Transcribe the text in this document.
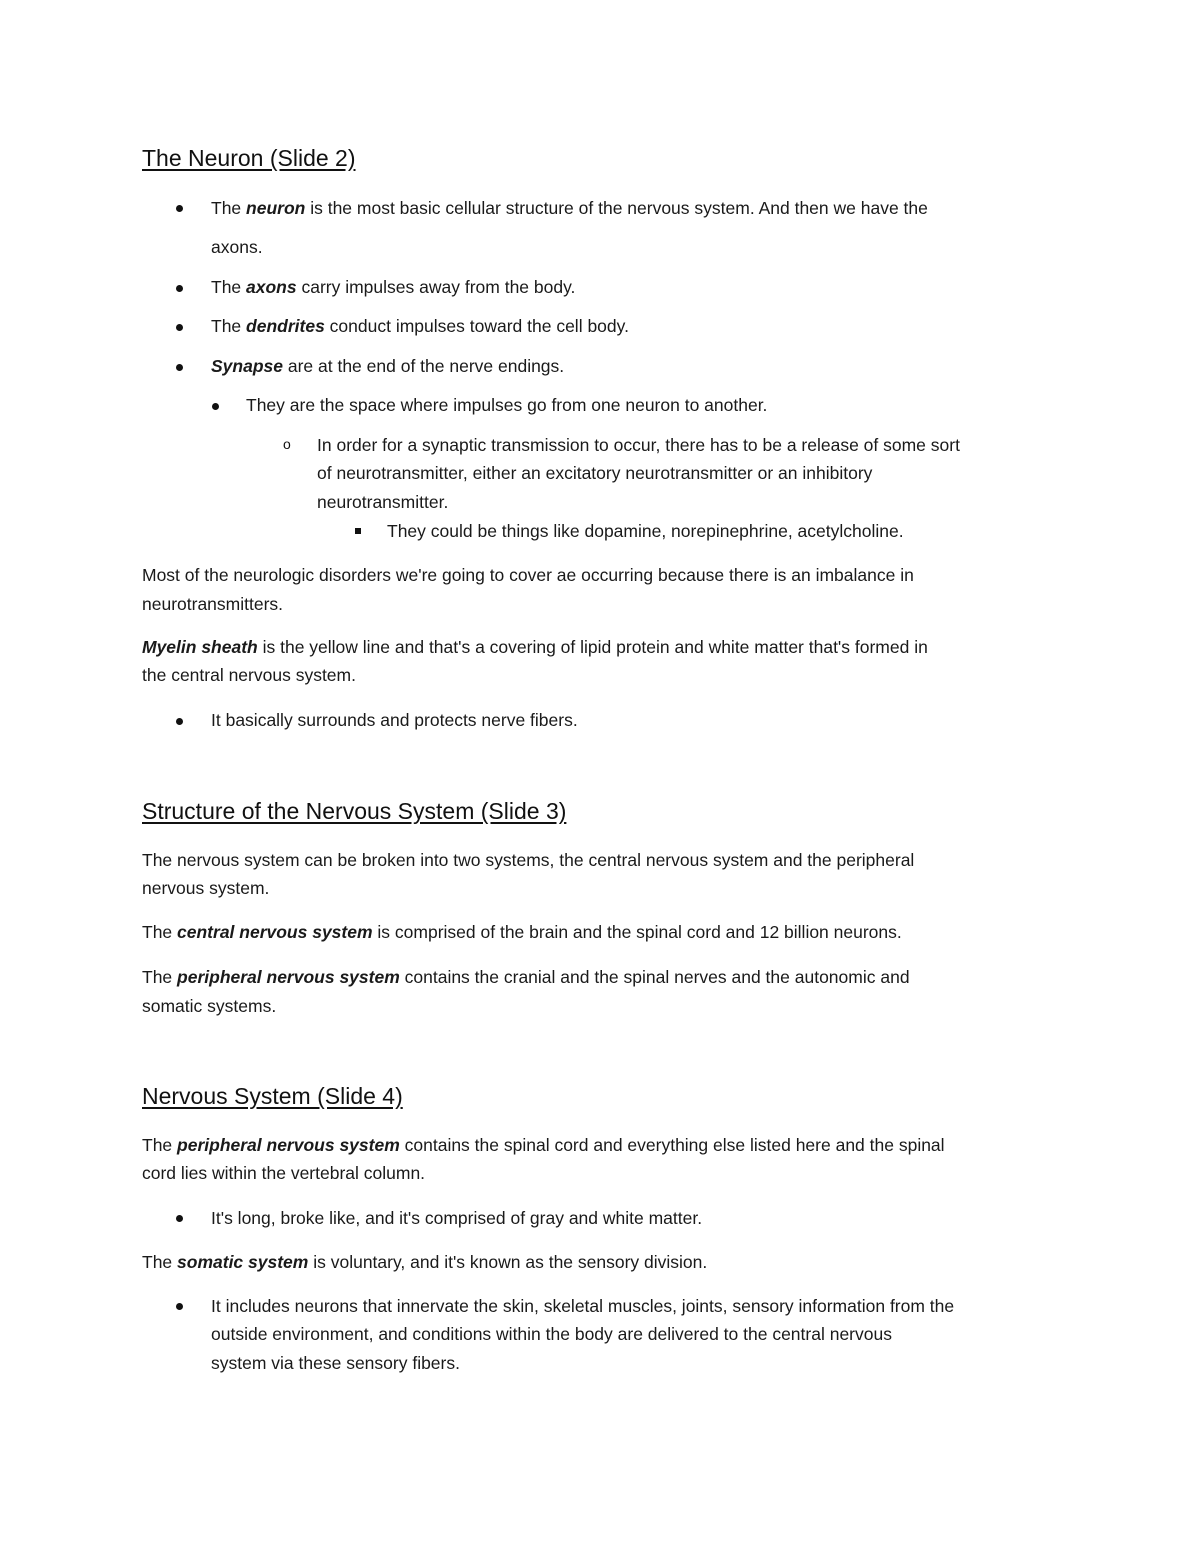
The Neuron (Slide 2)
The neuron is the most basic cellular structure of the nervous system. And then we have the
axons.
The axons carry impulses away from the body.
The dendrites conduct impulses toward the cell body.
Synapse are at the end of the nerve endings.
They are the space where impulses go from one neuron to another.
o In order for a synaptic transmission to occur, there has to be a release of some sort
of neurotransmitter, either an excitatory neurotransmitter or an inhibitory
neurotransmitter.
They could be things like dopamine, norepinephrine, acetylcholine.
Most of the neurologic disorders we're going to cover ae occurring because there is an imbalance in
neurotransmitters.
Myelin sheath is the yellow line and that's a covering of lipid protein and white matter that's formed in
the central nervous system.
It basically surrounds and protects nerve fibers.
Structure of the Nervous System (Slide 3)
The nervous system can be broken into two systems, the central nervous system and the peripheral
nervous system.
The central nervous system is comprised of the brain and the spinal cord and 12 billion neurons.
The peripheral nervous system contains the cranial and the spinal nerves and the autonomic and
somatic systems.
Nervous System (Slide 4)
The peripheral nervous system contains the spinal cord and everything else listed here and the spinal
cord lies within the vertebral column.
It's long, broke like, and it's comprised of gray and white matter.
The somatic system is voluntary, and it's known as the sensory division.
It includes neurons that innervate the skin, skeletal muscles, joints, sensory information from the
outside environment, and conditions within the body are delivered to the central nervous
system via these sensory fibers.
